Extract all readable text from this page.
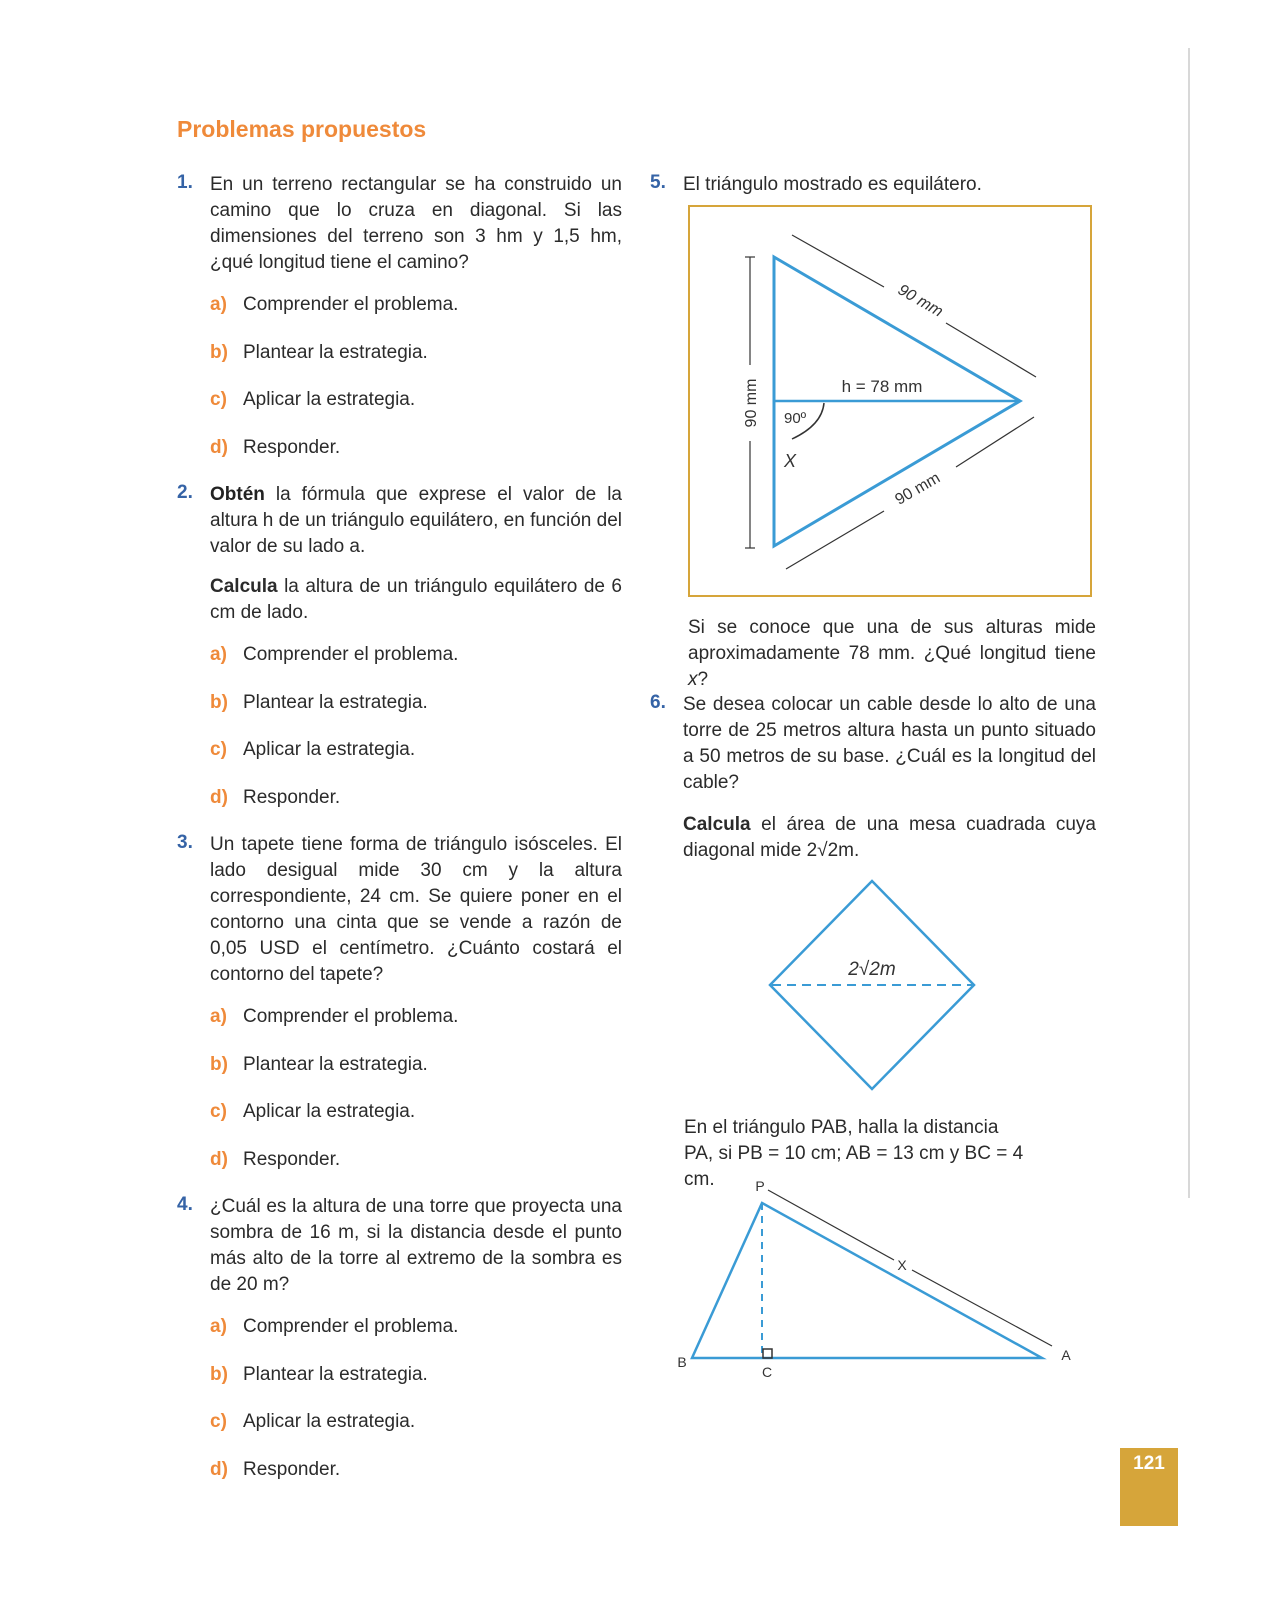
Problemas propuestos
1. En un terreno rectangular se ha construido un camino que lo cruza en diagonal. Si las dimensiones del terreno son 3 hm y 1,5 hm, ¿qué longitud tiene el camino?

a) Comprender el problema.
b) Plantear la estrategia.
c) Aplicar la estrategia.
d) Responder.
2. Obtén la fórmula que exprese el valor de la altura h de un triángulo equilátero, en función del valor de su lado a.

Calcula la altura de un triángulo equilátero de 6 cm de lado.

a) Comprender el problema.
b) Plantear la estrategia.
c) Aplicar la estrategia.
d) Responder.
3. Un tapete tiene forma de triángulo isósceles. El lado desigual mide 30 cm y la altura correspondiente, 24 cm. Se quiere poner en el contorno una cinta que se vende a razón de 0,05 USD el centímetro. ¿Cuánto costará el contorno del tapete?

a) Comprender el problema.
b) Plantear la estrategia.
c) Aplicar la estrategia.
d) Responder.
4. ¿Cuál es la altura de una torre que proyecta una sombra de 16 m, si la distancia desde el punto más alto de la torre al extremo de la sombra es de 20 m?

a) Comprender el problema.
b) Plantear la estrategia.
c) Aplicar la estrategia.
d) Responder.
5. El triángulo mostrado es equilátero.

90 mm
90 mm
90 mm
h = 78 mm
90º
X

Si se conoce que una de sus alturas mide aproximadamente 78 mm. ¿Qué longitud tiene x?

6. Se desea colocar un cable desde lo alto de una torre de 25 metros altura hasta un punto situado a 50 metros de su base. ¿Cuál es la longitud del cable?

Calcula el área de una mesa cuadrada cuya diagonal mide 2√2m.

2√2m

En el triángulo PAB, halla la distancia PA, si PB = 10 cm; AB = 13 cm y BC = 4 cm.	P
A
B
C
X
121
